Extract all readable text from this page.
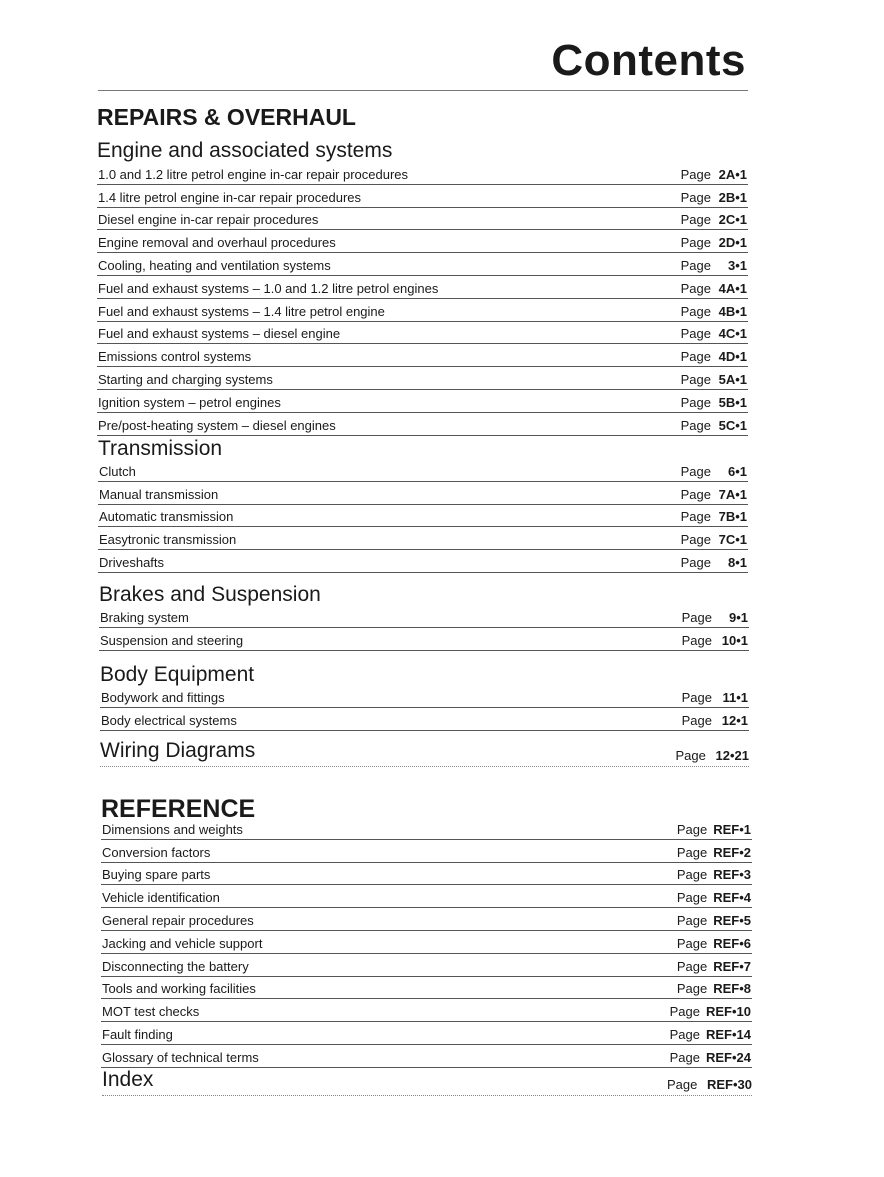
Contents
REPAIRS & OVERHAUL
Engine and associated systems
1.0 and 1.2 litre petrol engine in-car repair procedures	Page 2A•1
1.4 litre petrol engine in-car repair procedures	Page 2B•1
Diesel engine in-car repair procedures	Page 2C•1
Engine removal and overhaul procedures	Page 2D•1
Cooling, heating and ventilation systems	Page 3•1
Fuel and exhaust systems – 1.0 and 1.2 litre petrol engines	Page 4A•1
Fuel and exhaust systems – 1.4 litre petrol engine	Page 4B•1
Fuel and exhaust systems – diesel engine	Page 4C•1
Emissions control systems	Page 4D•1
Starting and charging systems	Page 5A•1
Ignition system – petrol engines	Page 5B•1
Pre/post-heating system – diesel engines	Page 5C•1
Transmission
Clutch	Page 6•1
Manual transmission	Page 7A•1
Automatic transmission	Page 7B•1
Easytronic transmission	Page 7C•1
Driveshafts	Page 8•1
Brakes and Suspension
Braking system	Page 9•1
Suspension and steering	Page 10•1
Body Equipment
Bodywork and fittings	Page 11•1
Body electrical systems	Page 12•1
Wiring Diagrams	Page 12•21
REFERENCE
Dimensions and weights	Page REF•1
Conversion factors	Page REF•2
Buying spare parts	Page REF•3
Vehicle identification	Page REF•4
General repair procedures	Page REF•5
Jacking and vehicle support	Page REF•6
Disconnecting the battery	Page REF•7
Tools and working facilities	Page REF•8
MOT test checks	Page REF•10
Fault finding	Page REF•14
Glossary of technical terms	Page REF•24
Index	Page REF•30
